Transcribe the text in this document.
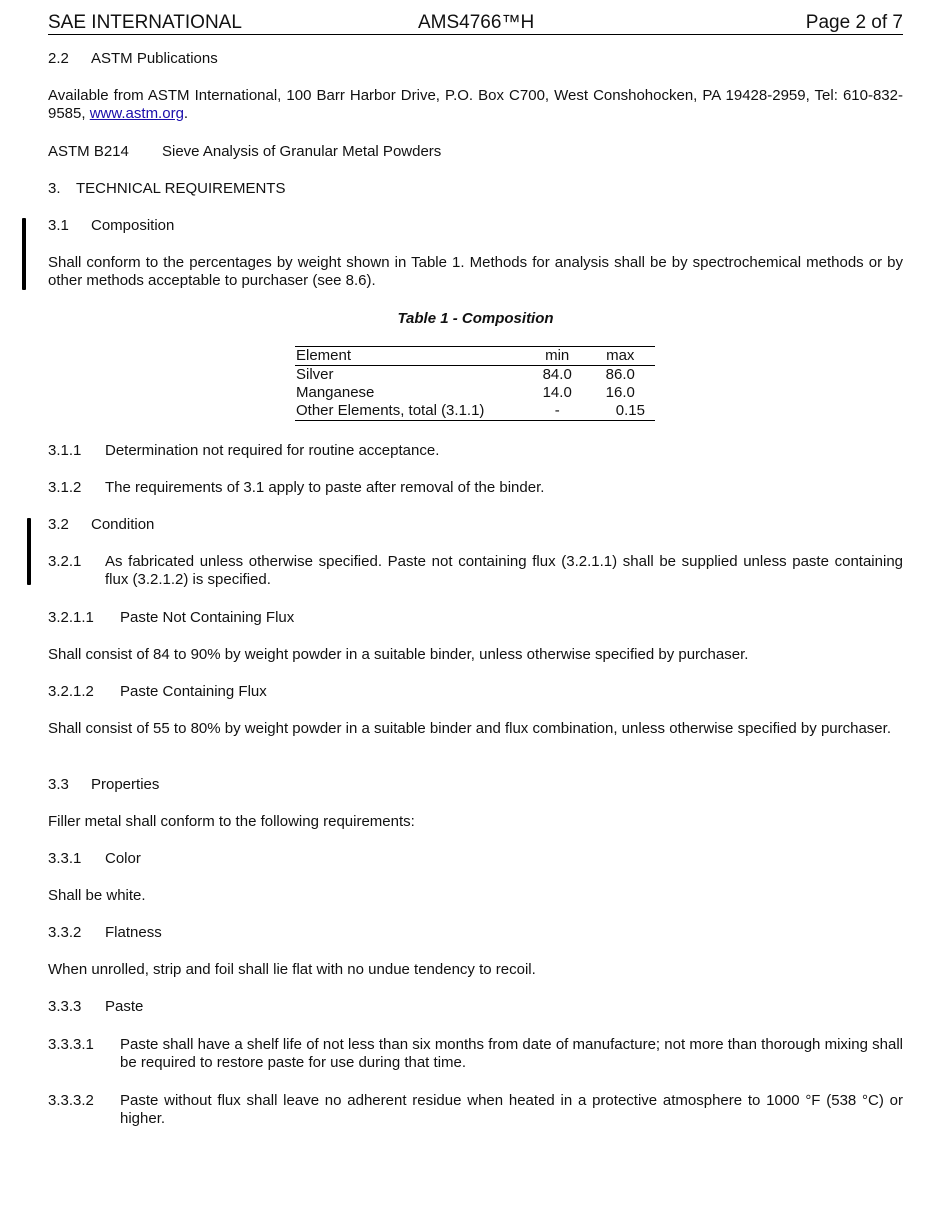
SAE INTERNATIONAL	AMS4766™H	Page 2 of 7
2.2 ASTM Publications
Available from ASTM International, 100 Barr Harbor Drive, P.O. Box C700, West Conshohocken, PA 19428-2959, Tel: 610-832-9585, www.astm.org.
ASTM B214 Sieve Analysis of Granular Metal Powders
3. TECHNICAL REQUIREMENTS
3.1 Composition
Shall conform to the percentages by weight shown in Table 1. Methods for analysis shall be by spectrochemical methods or by other methods acceptable to purchaser (see 8.6).
Table 1 - Composition
Element	min	max
Silver	84.0	86.0
Manganese	14.0	16.0
Other Elements, total (3.1.1)	-	0.15
3.1.1 Determination not required for routine acceptance.
3.1.2 The requirements of 3.1 apply to paste after removal of the binder.
3.2 Condition
3.2.1 As fabricated unless otherwise specified. Paste not containing flux (3.2.1.1) shall be supplied unless paste containing flux (3.2.1.2) is specified.
3.2.1.1 Paste Not Containing Flux
Shall consist of 84 to 90% by weight powder in a suitable binder, unless otherwise specified by purchaser.
3.2.1.2 Paste Containing Flux
Shall consist of 55 to 80% by weight powder in a suitable binder and flux combination, unless otherwise specified by purchaser.
3.3 Properties
Filler metal shall conform to the following requirements:
3.3.1 Color
Shall be white.
3.3.2 Flatness
When unrolled, strip and foil shall lie flat with no undue tendency to recoil.
3.3.3 Paste
3.3.3.1 Paste shall have a shelf life of not less than six months from date of manufacture; not more than thorough mixing shall be required to restore paste for use during that time.
3.3.3.2 Paste without flux shall leave no adherent residue when heated in a protective atmosphere to 1000 °F (538 °C) or higher.
